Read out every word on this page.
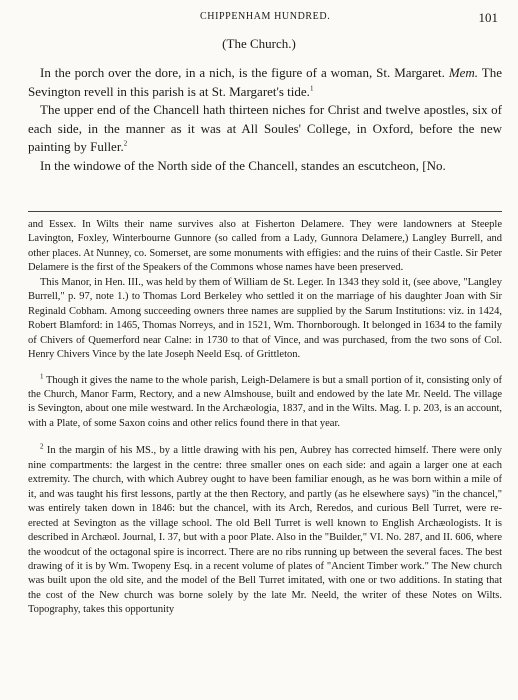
CHIPPENHAM HUNDRED.	101
(The Church.)

In the porch over the dore, in a nich, is the figure of a woman, St. Margaret. Mem. The Sevington revell in this parish is at St. Margaret's tide.$^1$

The upper end of the Chancell hath thirteen niches for Christ and twelve apostles, six of each side, in the manner as it was at All Soules' College, in Oxford, before the new painting by Fuller.$^2$

In the windowe of the North side of the Chancell, standes an escutcheon, [No.

and Essex. In Wilts their name survives also at Fisherton Delamere. They were landowners at Steeple Lavington, Foxley, Winterbourne Gunnore (so called from a Lady, Gunnora Delamere,) Langley Burrell, and other places. At Nunney, co. Somerset, are some monuments with effigies: and the ruins of their Castle. Sir Peter Delamere is the first of the Speakers of the Commons whose names have been preserved.

This Manor, in Hen. III., was held by them of William de St. Leger. In 1343 they sold it, (see above, "Langley Burrell," p. 97, note 1.) to Thomas Lord Berkeley who settled it on the marriage of his daughter Joan with Sir Reginald Cobham. Among succeeding owners three names are supplied by the Sarum Institutions: viz. in 1424, Robert Blamford: in 1465, Thomas Norreys, and in 1521, Wm. Thornborough. It belonged in 1634 to the family of Chivers of Quemerford near Calne: in 1730 to that of Vince, and was purchased, from the two sons of Col. Henry Chivers Vince by the late Joseph Neeld Esq. of Grittleton.

$^1$ Though it gives the name to the whole parish, Leigh-Delamere is but a small portion of it, consisting only of the Church, Manor Farm, Rectory, and a new Almshouse, built and endowed by the late Mr. Neeld. The village is Sevington, about one mile westward. In the Archæologia, 1837, and in the Wilts. Mag. I. p. 203, is an account, with a Plate, of some Saxon coins and other relics found there in that year.

$^2$ In the margin of his MS., by a little drawing with his pen, Aubrey has corrected himself. There were only nine compartments: the largest in the centre: three smaller ones on each side: and again a larger one at each extremity. The church, with which Aubrey ought to have been familiar enough, as he was born within a mile of it, and was taught his first lessons, partly at the then Rectory, and partly (as he elsewhere says) "in the chancel," was entirely taken down in 1846: but the chancel, with its Arch, Reredos, and curious Bell Turret, were re-erected at Sevington as the village school. The old Bell Turret is well known to English Archæologists. It is described in Archæol. Journal, I. 37, but with a poor Plate. Also in the "Builder," VI. No. 287, and II. 606, where the woodcut of the octagonal spire is incorrect. There are no ribs running up between the several faces. The best drawing of it is by Wm. Twopeny Esq. in a recent volume of plates of "Ancient Timber work." The New church was built upon the old site, and the model of the Bell Turret imitated, with one or two additions. In stating that the cost of the New church was borne solely by the late Mr. Neeld, the writer of these Notes on Wilts. Topography, takes this opportunity
